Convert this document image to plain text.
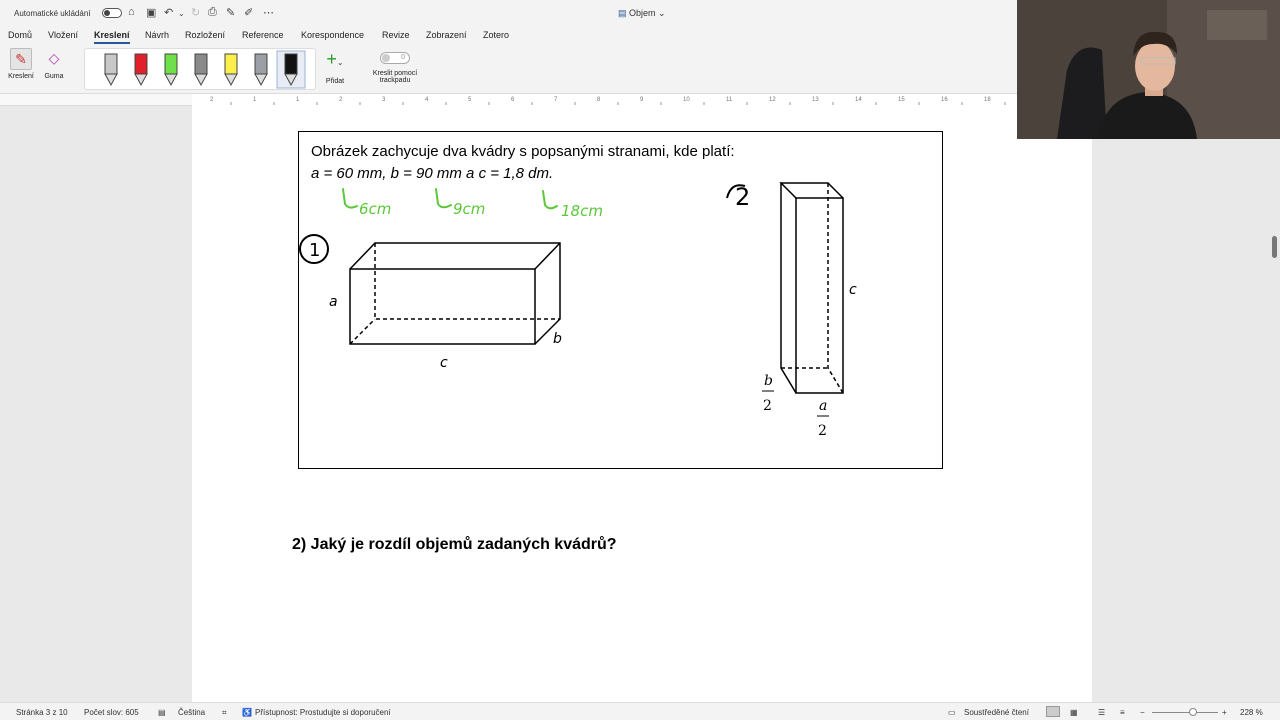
Automatické ukládání	⌂ ▣ ↶ ⌄ ↻ ⎙ ✎ ✐ ⋯	▤ Objem ⌄
Domů Vložení Kreslení Návrh Rozložení Reference Korespondence Revize Zobrazení Zotero
✎
Kreslení
◇
Guma
+⌄
Přidat
0
Kreslit pomocí
trackpadu
2	1	1	2	3	4	5	6	7	8	9	10	11	12	13	14	15	16	18
Obrázek zachycuje dva kvádry s popsanými stranami, kde platí:
a = 60 mm, b = 90 mm a c = 1,8 dm.
6cm	9cm	18cm
1
2
a
b
c
c
b
2	a
2
2) Jaký je rozdíl objemů zadaných kvádrů?
Stránka 3 z 10 Počet slov: 605 ▤ Čeština ⌗ ♿ Přístupnost: Prostudujte si doporučení	▭ Soustředěné čtení	▦	☰ ≡ −	+ 228 %
